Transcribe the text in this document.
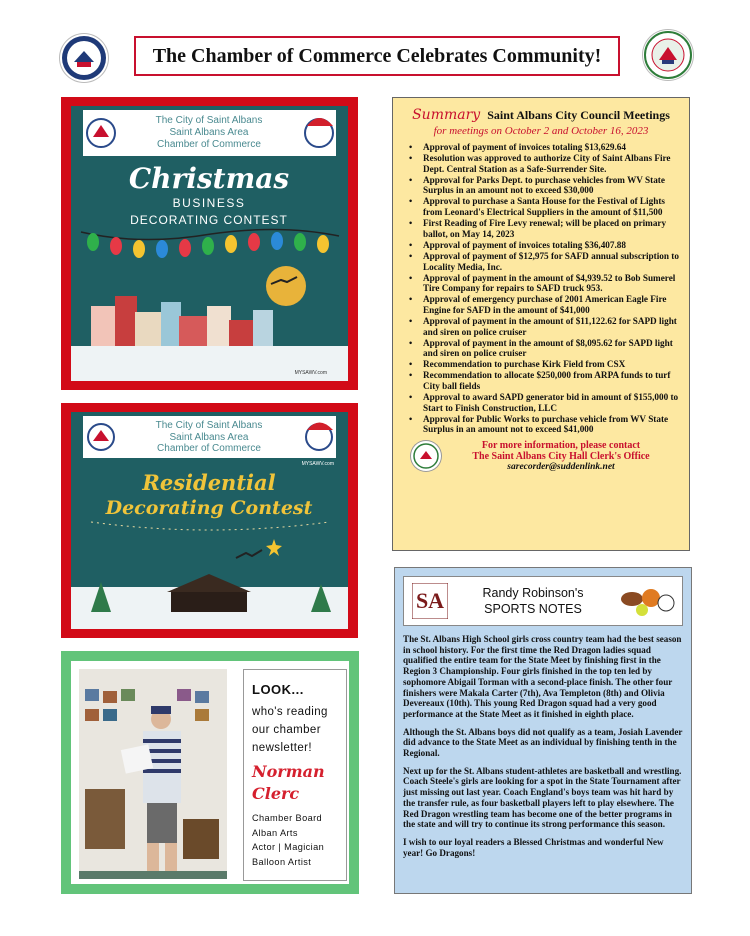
The Chamber of Commerce Celebrates Community!
The City of Saint Albans
Saint Albans Area
Chamber of Commerce
Christmas
BUSINESS
DECORATING CONTEST
MYSAWV.com
The City of Saint Albans
Saint Albans Area
Chamber of Commerce
MYSAWV.com
Residential
Decorating Contest
Summary Saint Albans City Council Meetings
for meetings on October 2 and October 16, 2023
• Approval of payment of invoices totaling $13,629.64
• Resolution was approved to authorize City of Saint Albans Fire Dept. Central Station as a Safe-Surrender Site.
• Approval for Parks Dept. to purchase vehicles from WV State Surplus in an amount not to exceed $30,000
• Approval to purchase a Santa House for the Festival of Lights from Leonard's Electrical Suppliers in the amount of $11,500
• First Reading of Fire Levy renewal; will be placed on primary ballot, on May 14, 2023
• Approval of payment of invoices totaling $36,407.88
• Approval of payment of $12,975 for SAFD annual subscription to Locality Media, Inc.
• Approval of payment in the amount of $4,939.52 to Bob Sumerel Tire Company for repairs to SAFD truck 953.
• Approval of emergency purchase of 2001 American Eagle Fire Engine for SAFD in the amount of $41,000
• Approval of payment in the amount of $11,122.62 for SAPD light and siren on police cruiser
• Approval of payment in the amount of $8,095.62 for SAPD light and siren on police cruiser
• Recommendation to purchase Kirk Field from CSX
• Recommendation to allocate $250,000 from ARPA funds to turf City ball fields
• Approval to award SAPD generator bid in amount of $155,000 to Start to Finish Construction, LLC
• Approval for Public Works to purchase vehicle from WV State Surplus in an amount not to exceed $41,000
For more information, please contact
The Saint Albans City Hall Clerk's Office
sarecorder@suddenlink.net
SA	Randy Robinson's
SPORTS NOTES

The St. Albans High School girls cross country team had the best season in school history. For the first time the Red Dragon ladies squad qualified the entire team for the State Meet by finishing first in the Region 3 Championship. Four girls finished in the top ten led by sophomore Abigail Torman with a second-place finish. The other four finishers were Makala Carter (7th), Ava Templeton (8th) and Olivia Devereaux (10th). This young Red Dragon squad had a very good performance at the State Meet as it finished in eighth place.

Although the St. Albans boys did not qualify as a team, Josiah Lavender did advance to the State Meet as an individual by finishing tenth in the Regional.

Next up for the St. Albans student-athletes are basketball and wrestling. Coach Steele's girls are looking for a spot in the State Tournament after just missing out last year. Coach England's boys team was hit hard by the transfer rule, as four basketball players left to play elsewhere. The Red Dragon wrestling team has become one of the better programs in the state and will try to continue its strong performance this season.

I wish to our loyal readers a Blessed Christmas and wonderful New year! Go Dragons!

LOOK...
who's reading
our chamber
newsletter!
Norman
Clerc
Chamber Board
Alban Arts
Actor | Magician
Balloon Artist
